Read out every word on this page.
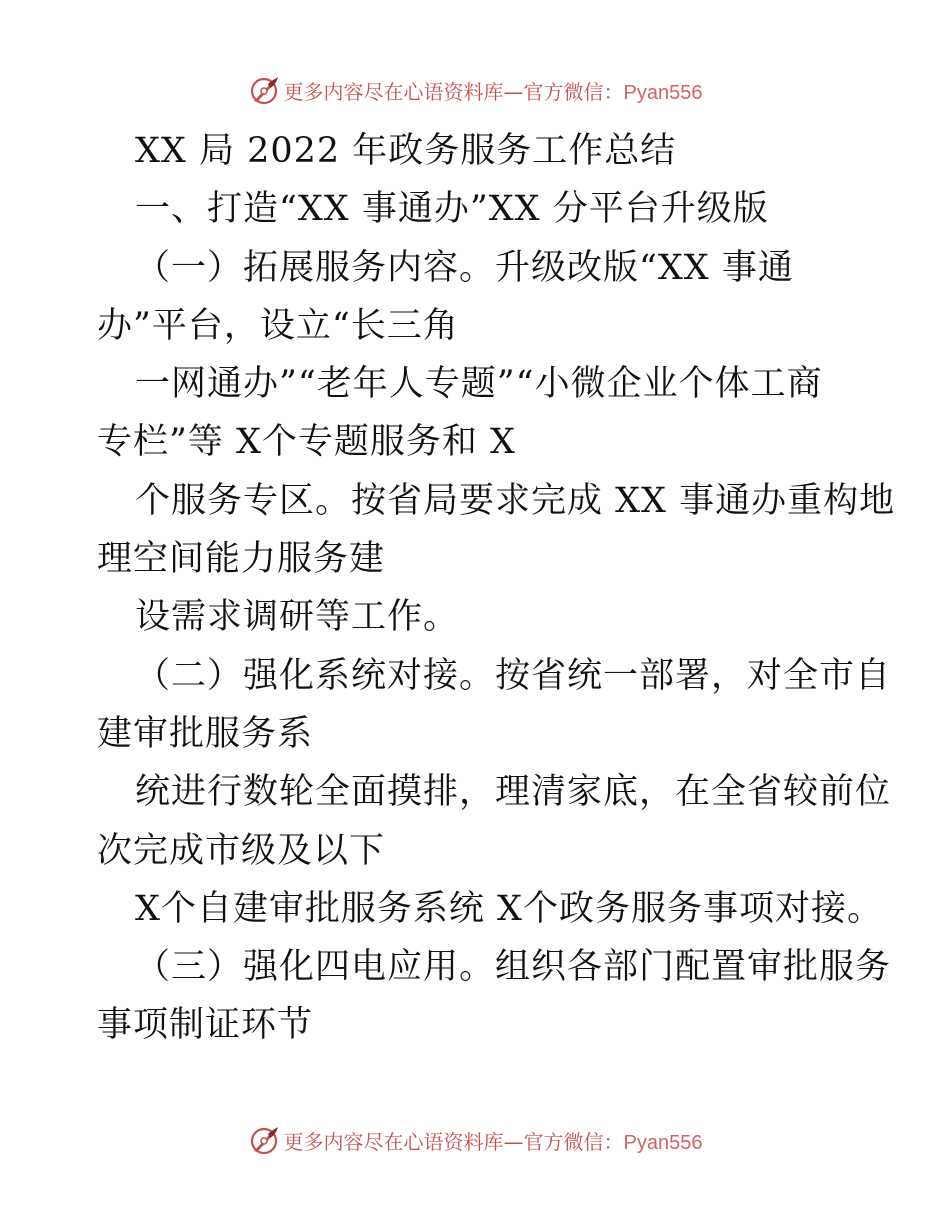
更多内容尽在心语资料库—官方微信：Pyan556
XX 局 2022 年政务服务工作总结
一、打造“XX 事通办”XX 分平台升级版
（一）拓展服务内容。升级改版“XX 事通
办”平台，设立“长三角
一网通办”“老年人专题”“小微企业个体工商
专栏”等 X个专题服务和 X
个服务专区。按省局要求完成 XX 事通办重构地
理空间能力服务建
设需求调研等工作。
（二）强化系统对接。按省统一部署，对全市自
建审批服务系
统进行数轮全面摸排，理清家底，在全省较前位
次完成市级及以下
X个自建审批服务系统 X个政务服务事项对接。
（三）强化四电应用。组织各部门配置审批服务
事项制证环节
更多内容尽在心语资料库—官方微信：Pyan556
